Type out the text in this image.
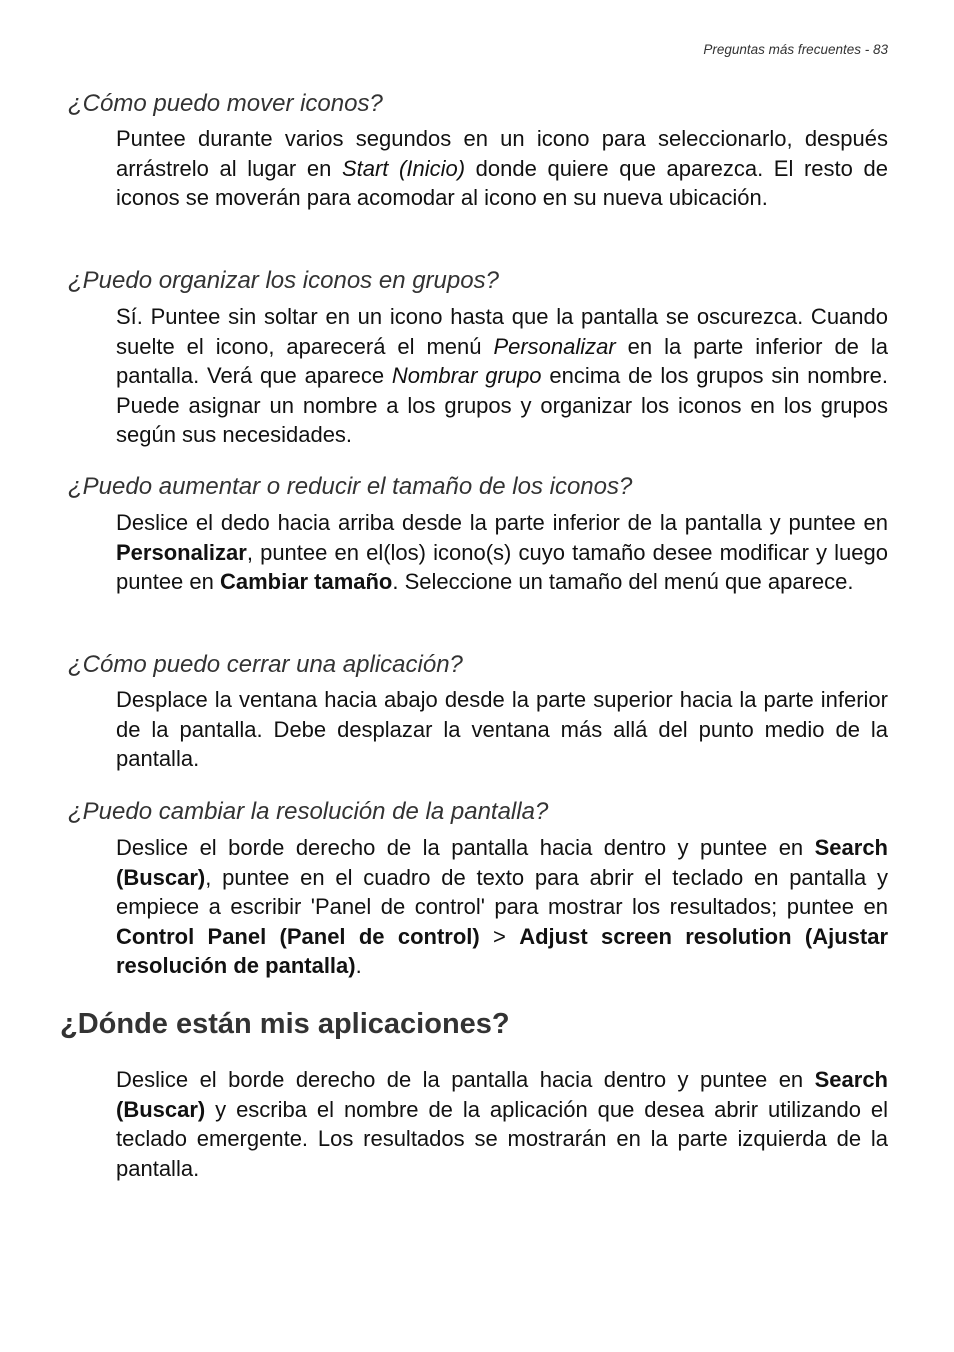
Preguntas más frecuentes - 83
¿Cómo puedo mover iconos?
Puntee durante varios segundos en un icono para seleccionarlo, después arrástrelo al lugar en Start (Inicio) donde quiere que aparezca. El resto de iconos se moverán para acomodar al icono en su nueva ubicación.
¿Puedo organizar los iconos en grupos?
Sí. Puntee sin soltar en un icono hasta que la pantalla se oscurezca. Cuando suelte el icono, aparecerá el menú Personalizar en la parte inferior de la pantalla. Verá que aparece Nombrar grupo encima de los grupos sin nombre. Puede asignar un nombre a los grupos y organizar los iconos en los grupos según sus necesidades.
¿Puedo aumentar o reducir el tamaño de los iconos?
Deslice el dedo hacia arriba desde la parte inferior de la pantalla y puntee en Personalizar, puntee en el(los) icono(s) cuyo tamaño desee modificar y luego puntee en Cambiar tamaño. Seleccione un tamaño del menú que aparece.
¿Cómo puedo cerrar una aplicación?
Desplace la ventana hacia abajo desde la parte superior hacia la parte inferior de la pantalla. Debe desplazar la ventana más allá del punto medio de la pantalla.
¿Puedo cambiar la resolución de la pantalla?
Deslice el borde derecho de la pantalla hacia dentro y puntee en Search (Buscar), puntee en el cuadro de texto para abrir el teclado en pantalla y empiece a escribir 'Panel de control' para mostrar los resultados; puntee en Control Panel (Panel de control) > Adjust screen resolution (Ajustar resolución de pantalla).
¿Dónde están mis aplicaciones?
Deslice el borde derecho de la pantalla hacia dentro y puntee en Search (Buscar) y escriba el nombre de la aplicación que desea abrir utilizando el teclado emergente. Los resultados se mostrarán en la parte izquierda de la pantalla.
